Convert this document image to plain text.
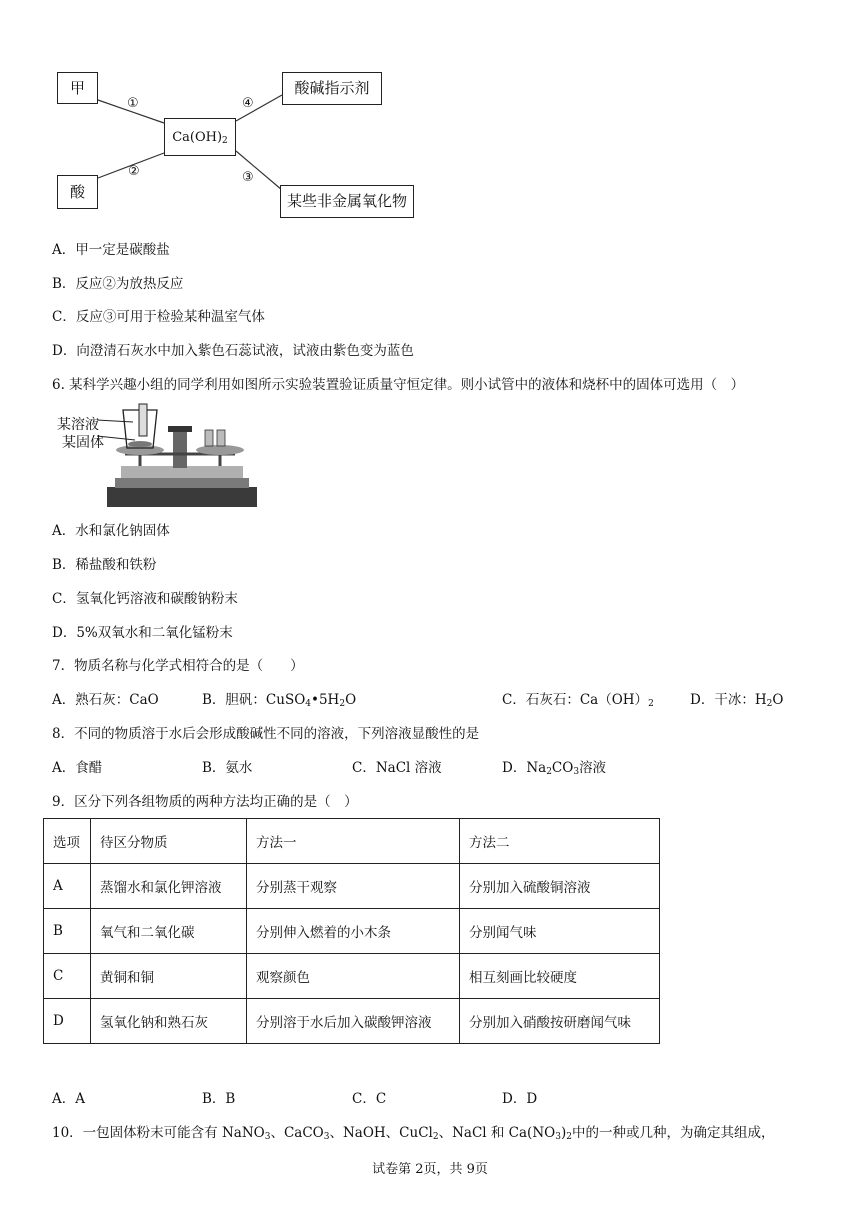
甲
酸
$Ca(OH)_2$
酸碱指示剂
某些非金属氧化物
①
②
④
③
A．甲一定是碳酸盐
B．反应②为放热反应
C．反应③可用于检验某种温室气体
D．向澄清石灰水中加入紫色石蕊试液，试液由紫色变为蓝色
6. 某科学兴趣小组的同学利用如图所示实验装置验证质量守恒定律。则小试管中的液体和烧杯中的固体可选用（　）
某溶液
某固体
A．水和氯化钠固体
B．稀盐酸和铁粉
C．氢氧化钙溶液和碳酸钠粉末
D．5%双氧水和二氧化锰粉末
7．物质名称与化学式相符合的是（　　）
A．熟石灰：CaO	B．胆矾：$CuSO_4•5H_2O$	C．石灰石：$Ca(OH)_2$	D．干冰：$H_2O$
8．不同的物质溶于水后会形成酸碱性不同的溶液，下列溶液显酸性的是
A．食醋	B．氨水	C．NaCl 溶液	D．$Na_2CO_3$溶液
9．区分下列各组物质的两种方法均正确的是（　）
选项	待区分物质	方法一	方法二
A	蒸馏水和氯化钾溶液	分别蒸干观察	分别加入硫酸铜溶液
B	氧气和二氧化碳	分别伸入燃着的小木条	分别闻气味
C	黄铜和铜	观察颜色	相互刻画比较硬度
D	氢氧化钠和熟石灰	分别溶于水后加入碳酸钾溶液	分别加入硝酸按研磨闻气味
A．A	B．B	C．C	D．D
10．一包固体粉末可能含有 NaNO$_3$、CaCO$_3$、NaOH、CuCl$_2$、NaCl 和 $Ca(NO_3)_2$中的一种或几种，为确定其组成，
试卷第 2页，共 9页
